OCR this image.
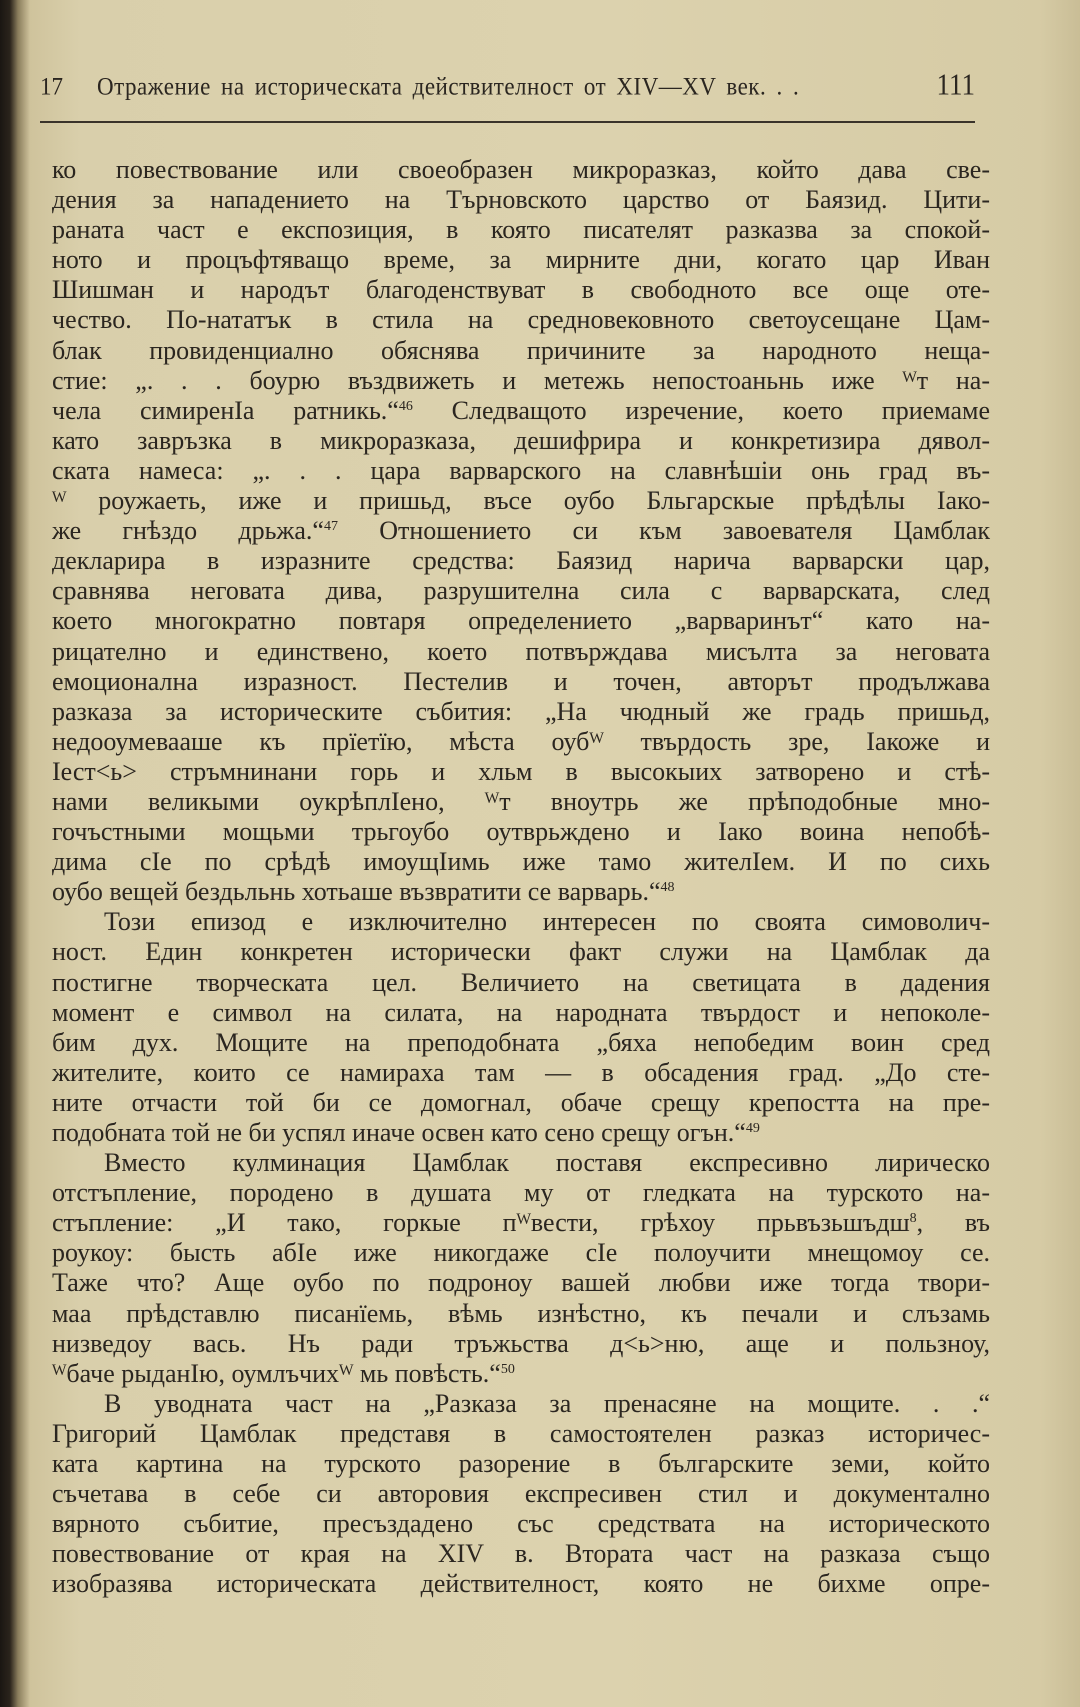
17 Отражение на историческата действителност от XIV—XV век. . .	111
ко повествование или своеобразен микроразказ, който дава све-
дения за нападението на Търновското царство от Баязид. Цити-
раната част е експозиция, в която писателят разказва за спокой-
ното и процъфтяващо време, за мирните дни, когато цар Иван
Шишман и народът благоденствуват в свободното все още оте-
чество. По-нататък в стила на средновековното светоусещане Цам-
блак провиденциално обяснява причините за народното неща-
стие: „. . . боурю въздвижеть и метежь непостоаньнь иже ᵂт на-
чела симиренIа ратникь.“$^{46}$ Следващото изречение, което приемаме
като завръзка в микроразказа, дешифрира и конкретизира дявол-
ската намеса: „. . . цара варварского на славнѣшіи онь град въ-
ᵂ роужаеть, иже и пришьд, въсе оубо Бльгарскые прѣдѣлы Iако-
же гнѣздо дрьжа.“$^{47}$ Отношението си към завоевателя Цамблак
декларира в изразните средства: Баязид нарича варварски цар,
сравнява неговата дива, разрушителна сила с варварската, след
което многократно повтаря определението „варваринът“ като на-
рицателно и единствено, което потвърждава мисълта за неговата
емоционална изразност. Пестелив и точен, авторът продължава
разказа за историческите събития: „На чюдный же градь пришьд,
недооумевааше къ прїетїю, мѣста оубᵂ твърдость зре, Iакоже и
Iест<ь> стръмнинани горь и хльм в высокыих затворено и стѣ-
нами великыми оукрѣплIено, ᵂт вноутрь же прѣподобные мно-
гочъстными мощьми трьгоубо оутврьждено и Iако воина непобѣ-
дима сIе по срѣдѣ имоущIимь иже тамо жителIем. И по сихь
оубо вещей бездьльнь хотьаше възвратити се варварь.“$^{48}$
Този епизод е изключително интересен по своята симоволич-
ност. Един конкретен исторически факт служи на Цамблак да
постигне творческата цел. Величието на светицата в дадения
момент е символ на силата, на народната твърдост и непоколе-
бим дух. Мощите на преподобната „бяха непобедим воин сред
жителите, които се намираха там — в обсадения град. „До сте-
ните отчасти той би се домогнал, обаче срещу крепостта на пре-
подобната той не би успял иначе освен като сено срещу огън.“$^{49}$
Вместо кулминация Цамблак поставя експресивно лирическо
отстъпление, породено в душата му от гледката на турското на-
стъпление: „И тако, горкые пᵂвести, грѣхоу прьвъзьшъдш$^8$, въ
роукоу: бысть абIе иже никогдаже сIе полоучити мнещомоу се.
Таже что? Аще оубо по подроноу вашей любви иже тогда твори-
маа прѣдставлю писанїемь, вѣмь изнѣстно, къ печали и слъзамь
низведоу вась. Нъ ради тръжьства д<ь>ню, аще и пользноу,
ᵂбаче рыданIю, оумлъчихᵂ мь повѣсть.“$^{50}$
В уводната част на „Разказа за пренасяне на мощите. . .“
Григорий Цамблак представя в самостоятелен разказ историчес-
ката картина на турското разорение в българските земи, който
съчетава в себе си авторовия експресивен стил и документално
вярното събитие, пресъздадено със средствата на историческото
повествование от края на XIV в. Втората част на разказа също
изобразява историческата действителност, която не бихме опре-
